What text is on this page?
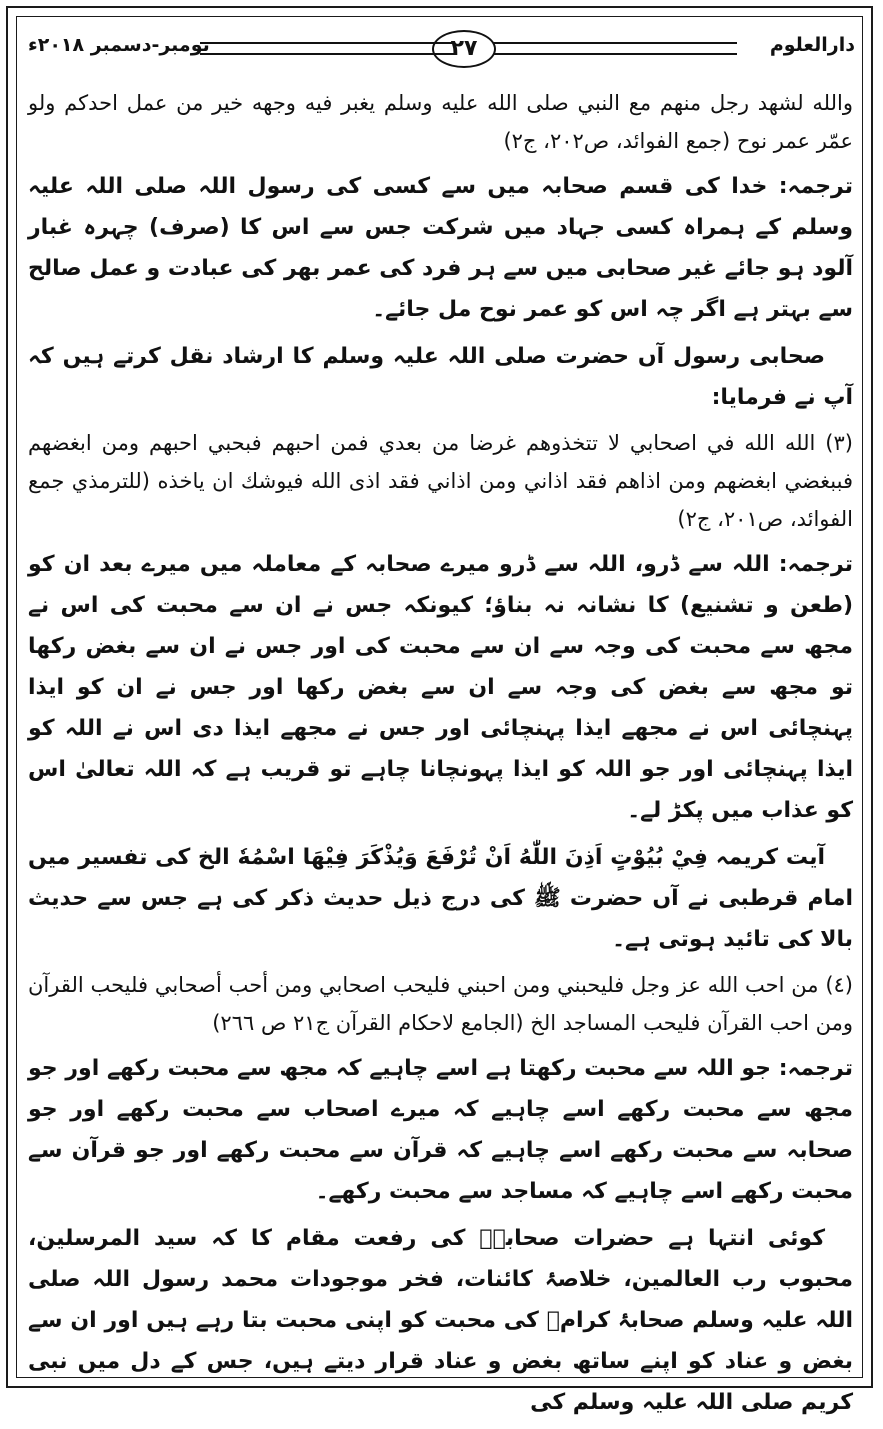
دارالعلوم
۲۷
نومبر-دسمبر ۲۰۱۸ء

والله لشهد رجل منهم مع النبي صلى الله عليه وسلم يغبر فيه وجهه خير من عمل احدكم ولو عمّر عمر نوح (جمع الفوائد، ص۲۰۲، ج۲)

ترجمہ: خدا کی قسم صحابہ میں سے کسی کی رسول اللہ صلی اللہ علیہ وسلم کے ہمراہ کسی جہاد میں شرکت جس سے اس کا (صرف) چہرہ غبار آلود ہو جائے غیر صحابی میں سے ہر فرد کی عمر بھر کی عبادت و عمل صالح سے بہتر ہے اگر چہ اس کو عمر نوح مل جائے۔

صحابی رسول آں حضرت صلی اللہ علیہ وسلم کا ارشاد نقل کرتے ہیں کہ آپ نے فرمایا:

(٣) الله الله في اصحابي لا تتخذوهم غرضا من بعدي فمن احبهم فبحبي احبهم ومن ابغضهم فببغضي ابغضهم ومن اذاهم فقد اذاني ومن اذاني فقد اذى الله فيوشك ان ياخذه (للترمذي جمع الفوائد، ص۲۰۱، ج۲)

ترجمہ: اللہ سے ڈرو، اللہ سے ڈرو میرے صحابہ کے معاملہ میں میرے بعد ان کو (طعن و تشنیع) کا نشانہ نہ بناؤ؛ کیونکہ جس نے ان سے محبت کی اس نے مجھ سے محبت کی وجہ سے ان سے محبت کی اور جس نے ان سے بغض رکھا تو مجھ سے بغض کی وجہ سے ان سے بغض رکھا اور جس نے ان کو ایذا پہنچائی اس نے مجھے ایذا پہنچائی اور جس نے مجھے ایذا دی اس نے اللہ کو ایذا پہنچائی اور جو اللہ کو ایذا پہونچانا چاہے تو قریب ہے کہ اللہ تعالیٰ اس کو عذاب میں پکڑ لے۔

آیت کریمہ فِيْ بُيُوْتٍ اَذِنَ اللّٰهُ اَنْ تُرْفَعَ وَيُذْكَرَ فِيْهَا اسْمُهٗ الخ کی تفسیر میں امام قرطبی نے آں حضرت ﷺ کی درج ذیل حدیث ذکر کی ہے جس سے حدیث بالا کی تائید ہوتی ہے۔

(٤) من احب الله عز وجل فليحبني ومن احبني فليحب اصحابي ومن أحب أصحابي فليحب القرآن ومن احب القرآن فليحب المساجد الخ (الجامع لاحكام القرآن ج۲۱ ص ۲٦٦)

ترجمہ: جو اللہ سے محبت رکھتا ہے اسے چاہیے کہ مجھ سے محبت رکھے اور جو مجھ سے محبت رکھے اسے چاہیے کہ میرے اصحاب سے محبت رکھے اور جو صحابہ سے محبت رکھے اسے چاہیے کہ قرآن سے محبت رکھے اور جو قرآن سے محبت رکھے اسے چاہیے کہ مساجد سے محبت رکھے۔

کوئی انتہا ہے حضرات صحابہؓ کی رفعت مقام کا کہ سید المرسلین، محبوب رب العالمین، خلاصۂ کائنات، فخر موجودات محمد رسول اللہ صلی اللہ علیہ وسلم صحابۂ کرامؓ کی محبت کو اپنی محبت بتا رہے ہیں اور ان سے بغض و عناد کو اپنے ساتھ بغض و عناد قرار دیتے ہیں، جس کے دل میں نبی کریم صلی اللہ علیہ وسلم کی
